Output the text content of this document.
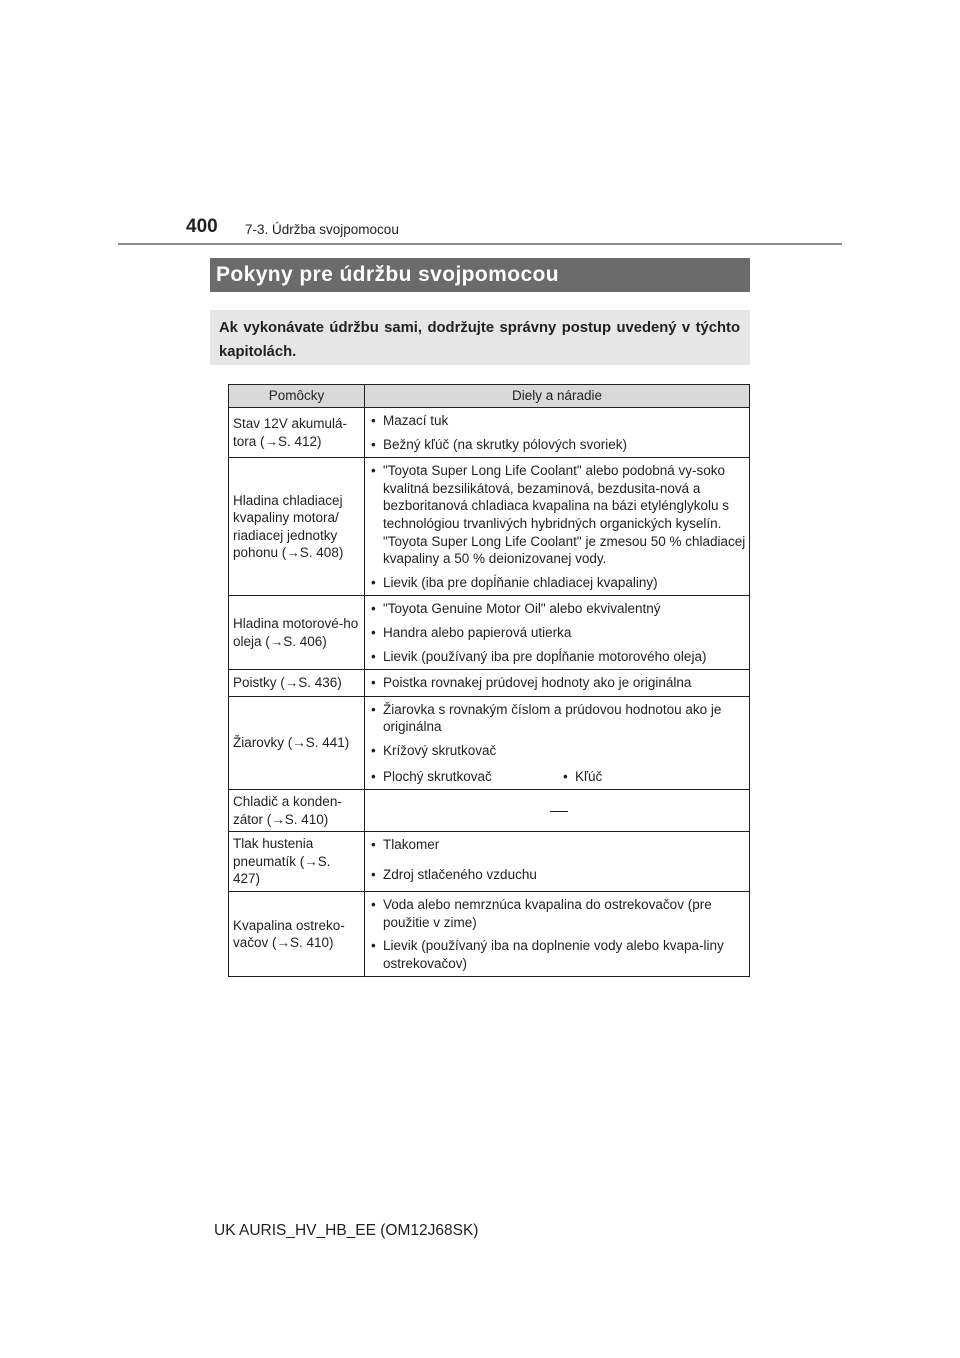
400 7-3. Údržba svojpomocou
Pokyny pre údržbu svojpomocou
Ak vykonávate údržbu sami, dodržujte správny postup uvedený v týchto kapitolách.
Pomôcky	Diely a náradie
Stav 12V akumulá-tora (→S. 412)	• Mazací tuk
• Bežný kľúč (na skrutky pólových svoriek)

Hladina chladiacej kvapaliny motora/ riadiacej jednotky pohonu (→S. 408)	• "Toyota Super Long Life Coolant" alebo podobná vy-soko kvalitná bezsilikátová, bezaminová, bezdusita-nová a bezboritanová chladiaca kvapalina na bázi etylénglykolu s technológiou trvanlivých hybridných organických kyselín. "Toyota Super Long Life Coolant" je zmesou 50 % chladiacej kvapaliny a 50 % deionizovanej vody.
• Lievik (iba pre dopĺňanie chladiacej kvapaliny)

Hladina motorové-ho oleja (→S. 406)	• "Toyota Genuine Motor Oil" alebo ekvivalentný
• Handra alebo papierová utierka
• Lievik (používaný iba pre dopĺňanie motorového oleja)

Poistky (→S. 436)	• Poistka rovnakej prúdovej hodnoty ako je originálna

Žiarovky (→S. 441)	• Žiarovka s rovnakým číslom a prúdovou hodnotou ako je originálna
• Krížový skrutkovač
• Plochý skrutkovač • Kľúč

Chladič a konden-zátor (→S. 410)	
Tlak hustenia pneumatík (→S. 427)	• Tlakomer
• Zdroj stlačeného vzduchu

Kvapalina ostreko-vačov (→S. 410)	• Voda alebo nemrznúca kvapalina do ostrekovačov (pre použitie v zime)
• Lievik (používaný iba na doplnenie vody alebo kvapa-liny ostrekovačov)
UK AURIS_HV_HB_EE (OM12J68SK)
